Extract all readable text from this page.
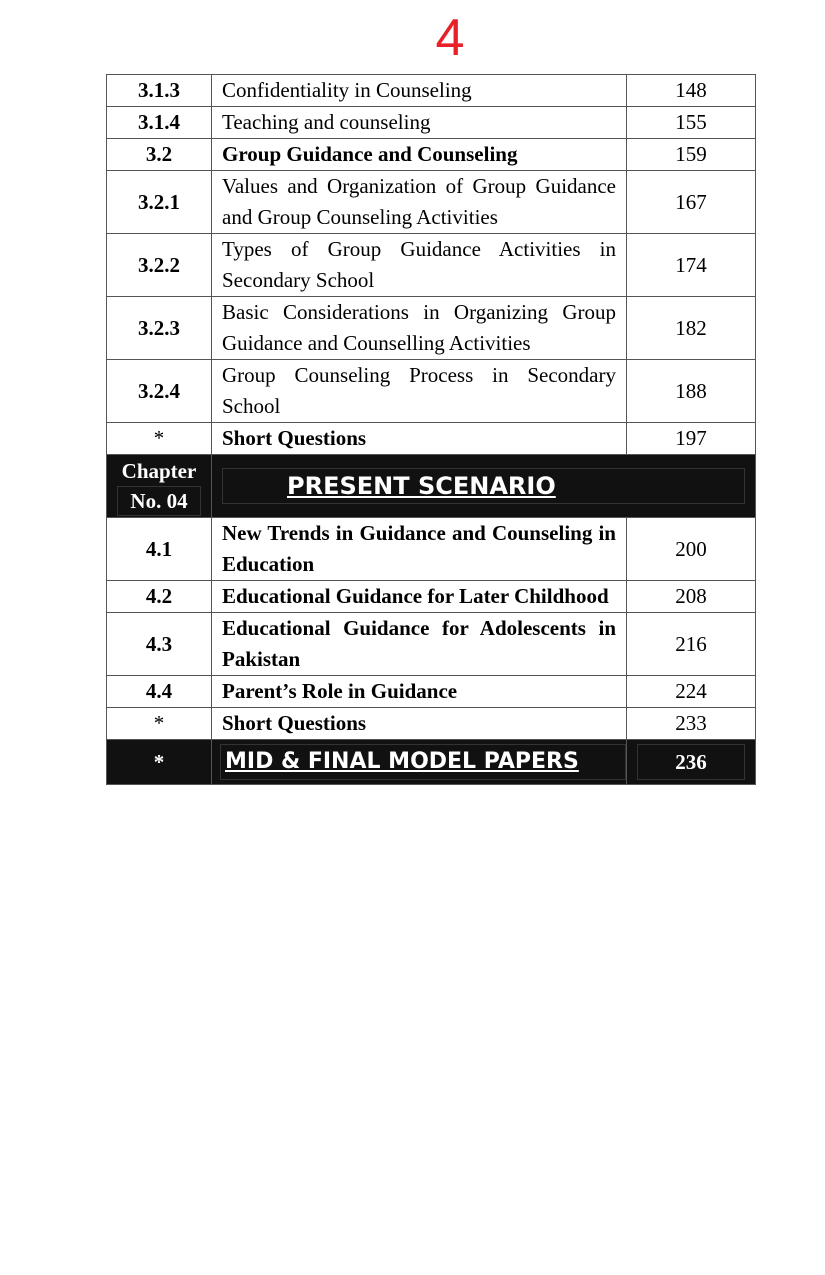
4
3.1.3	Confidentiality in Counseling	148
3.1.4	Teaching and counseling	155
3.2	Group Guidance and Counseling	159
3.2.1	Values and Organization of Group Guidance and Group Counseling Activities	167
3.2.2	Types of Group Guidance Activities in Secondary School	174
3.2.3	Basic Considerations in Organizing Group Guidance and Counselling Activities	182
3.2.4	Group Counseling Process in Secondary School	188
*	Short Questions	197

Chapter
No. 04	PRESENT SCENARIO	

4.1	New Trends in Guidance and Counseling in Education	200
4.2	Educational Guidance for Later Childhood	208
4.3	Educational Guidance for Adolescents in Pakistan	216
4.4	Parent’s Role in Guidance	224
*	Short Questions	233
*	MID & FINAL MODEL PAPERS	236
